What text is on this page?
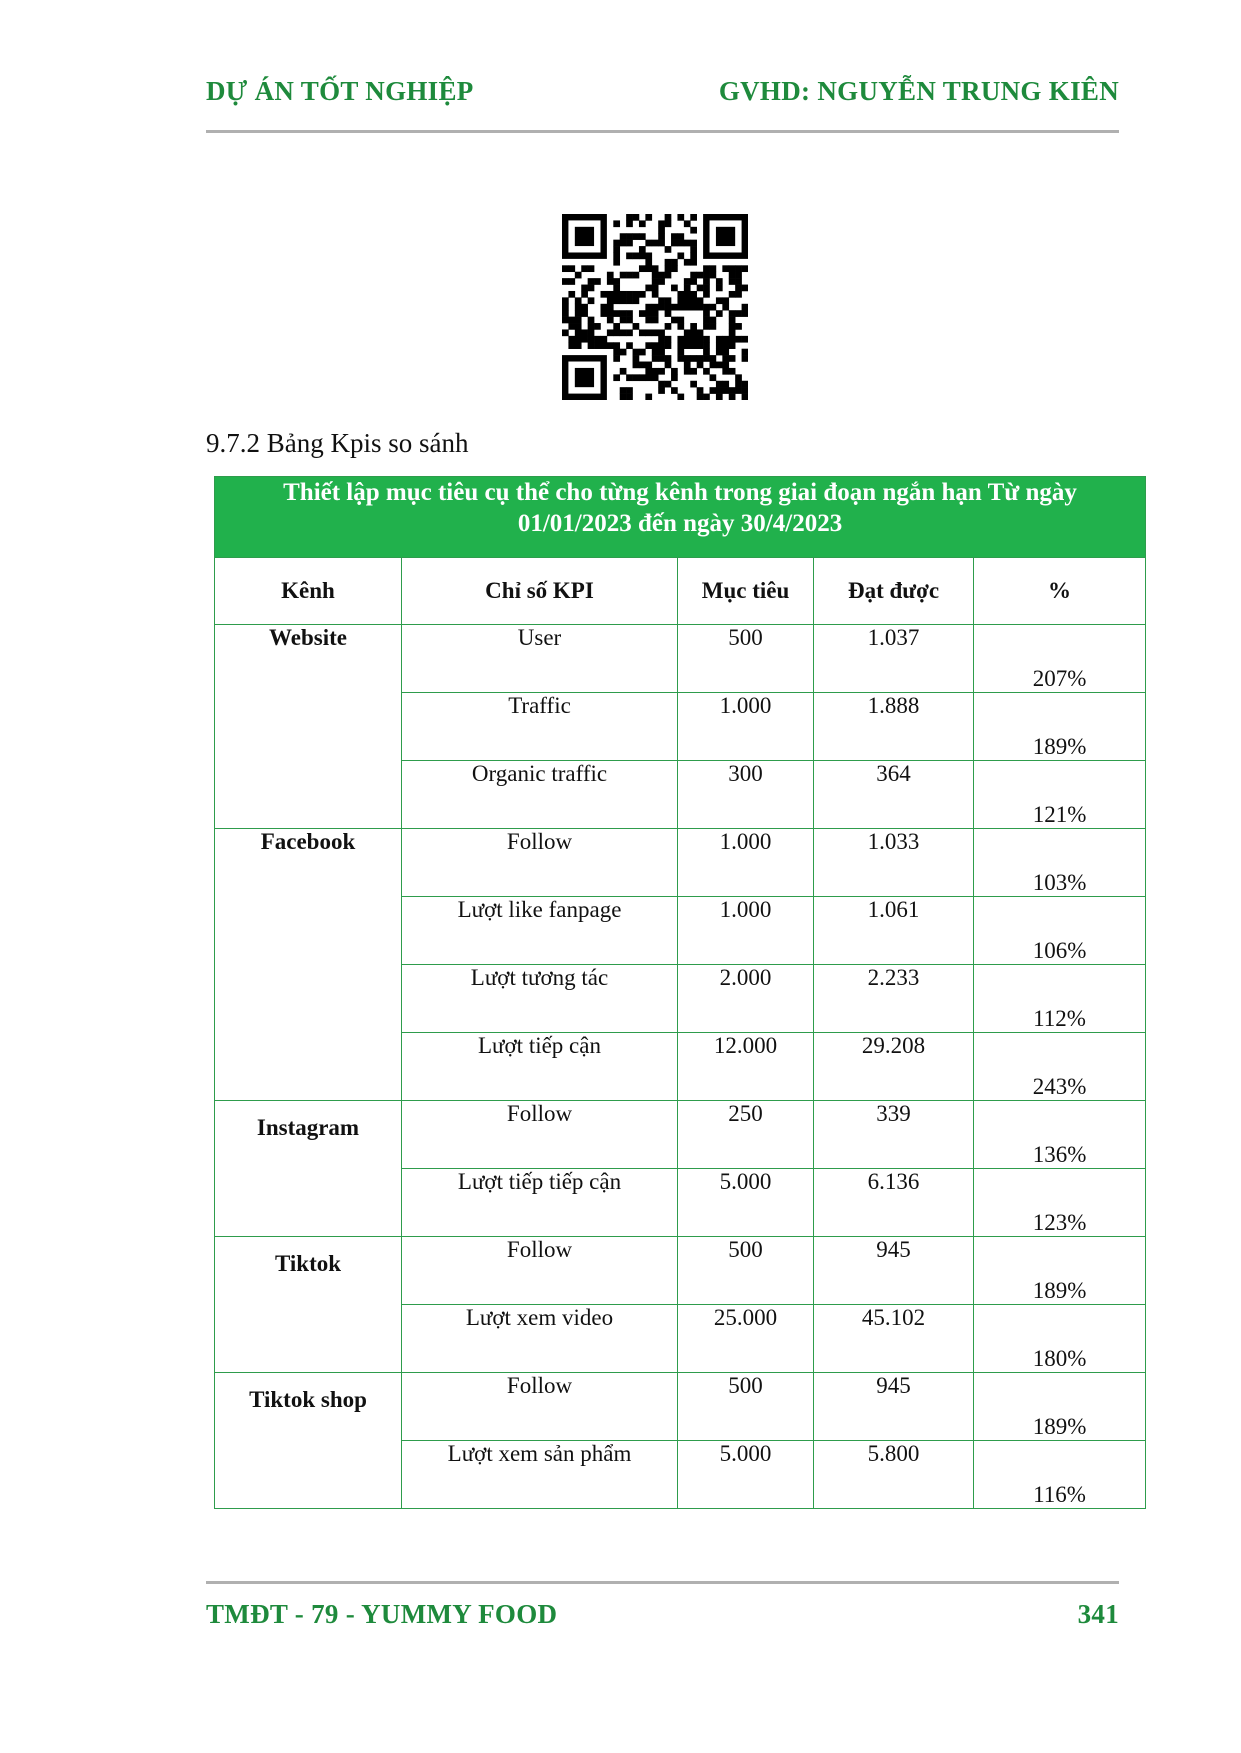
DỰ ÁN TỐT NGHIỆP	GVHD: NGUYỄN TRUNG KIÊN
9.7.2 Bảng Kpis so sánh
Thiết lập mục tiêu cụ thể cho từng kênh trong giai đoạn ngắn hạn Từ ngày
01/01/2023 đến ngày 30/4/2023				

Kênh	Chỉ số KPI	Mục tiêu	Đạt được	%
Website	User	500	1.037	207%
	Traffic	1.000	1.888	189%
	Organic traffic	300	364	121%
Facebook	Follow	1.000	1.033	103%
	Lượt like fanpage	1.000	1.061	106%
	Lượt tương tác	2.000	2.233	112%
	Lượt tiếp cận	12.000	29.208	243%
Instagram	Follow	250	339	136%
	Lượt tiếp tiếp cận	5.000	6.136	123%
Tiktok	Follow	500	945	189%
	Lượt xem video	25.000	45.102	180%
Tiktok shop	Follow	500	945	189%
	Lượt xem sản phẩm	5.000	5.800	116%
TMĐT - 79 - YUMMY FOOD	341
